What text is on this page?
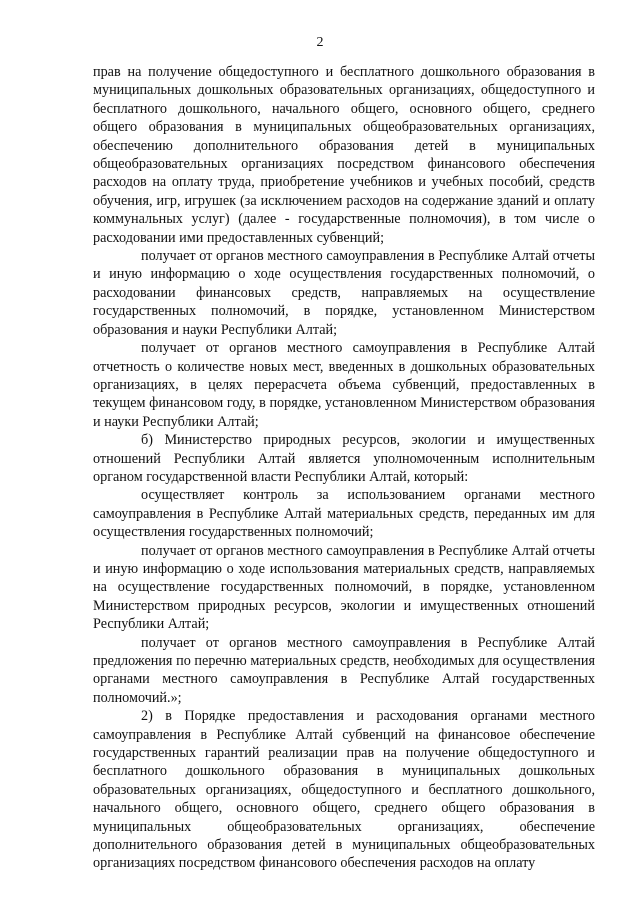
2

прав на получение общедоступного и бесплатного дошкольного образования в муниципальных дошкольных образовательных организациях, общедоступного и бесплатного дошкольного, начального общего, основного общего, среднего общего образования в муниципальных общеобразовательных организациях, обеспечению дополнительного образования детей в муниципальных общеобразовательных организациях посредством финансового обеспечения расходов на оплату труда, приобретение учебников и учебных пособий, средств обучения, игр, игрушек (за исключением расходов на содержание зданий и оплату коммунальных услуг) (далее - государственные полномочия), в том числе о расходовании ими предоставленных субвенций;

получает от органов местного самоуправления в Республике Алтай отчеты и иную информацию о ходе осуществления государственных полномочий, о расходовании финансовых средств, направляемых на осуществление государственных полномочий, в порядке, установленном Министерством образования и науки Республики Алтай;

получает от органов местного самоуправления в Республике Алтай отчетность о количестве новых мест, введенных в дошкольных образовательных организациях, в целях перерасчета объема субвенций, предоставленных в текущем финансовом году, в порядке, установленном Министерством образования и науки Республики Алтай;

б) Министерство природных ресурсов, экологии и имущественных отношений Республики Алтай является уполномоченным исполнительным органом государственной власти Республики Алтай, который:

осуществляет контроль за использованием органами местного самоуправления в Республике Алтай материальных средств, переданных им для осуществления государственных полномочий;

получает от органов местного самоуправления в Республике Алтай отчеты и иную информацию о ходе использования материальных средств, направляемых на осуществление государственных полномочий, в порядке, установленном Министерством природных ресурсов, экологии и имущественных отношений Республики Алтай;

получает от органов местного самоуправления в Республике Алтай предложения по перечню материальных средств, необходимых для осуществления органами местного самоуправления в Республике Алтай государственных полномочий.»;

2) в Порядке предоставления и расходования органами местного самоуправления в Республике Алтай субвенций на финансовое обеспечение государственных гарантий реализации прав на получение общедоступного и бесплатного дошкольного образования в муниципальных дошкольных образовательных организациях, общедоступного и бесплатного дошкольного, начального общего, основного общего, среднего общего образования в муниципальных общеобразовательных организациях, обеспечение дополнительного образования детей в муниципальных общеобразовательных организациях посредством финансового обеспечения расходов на оплату
